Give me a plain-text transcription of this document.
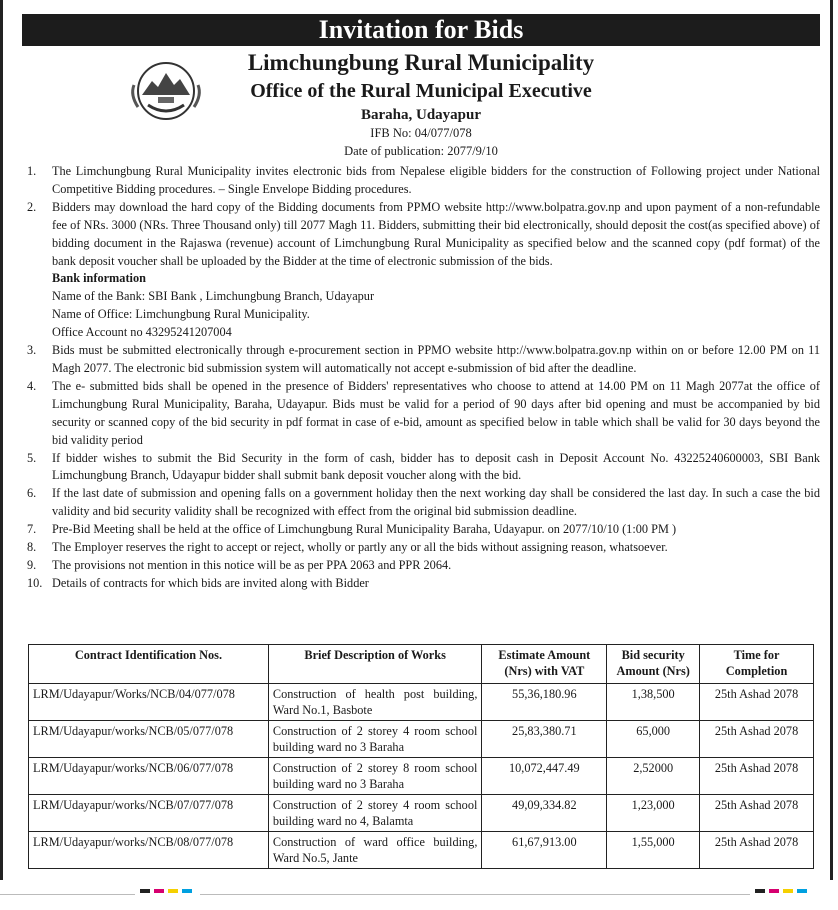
Invitation for Bids
Limchungbung Rural Municipality
Office of the Rural Municipal Executive
Baraha, Udayapur
IFB No: 04/077/078
Date of publication: 2077/9/10
1. The Limchungbung Rural Municipality invites electronic bids from Nepalese eligible bidders for the construction of Following project under National Competitive Bidding procedures. – Single Envelope Bidding procedures.
2. Bidders may download the hard copy of the Bidding documents from PPMO website http://www.bolpatra.gov.np and upon payment of a non-refundable fee of NRs. 3000 (NRs. Three Thousand only) till 2077 Magh 11. Bidders, submitting their bid electronically, should deposit the cost(as specified above) of bidding document in the Rajaswa (revenue) account of Limchungbung Rural Municipality as specified below and the scanned copy (pdf format) of the bank deposit voucher shall be uploaded by the Bidder at the time of electronic submission of the bids.
Bank information
Name of the Bank: SBI Bank , Limchungbung Branch, Udayapur
Name of Office: Limchungbung Rural Municipality.
Office Account no 43295241207004
3. Bids must be submitted electronically through e-procurement section in PPMO website http://www.bolpatra.gov.np within on or before 12.00 PM on 11 Magh 2077. The electronic bid submission system will automatically not accept e-submission of bid after the deadline.
4. The e- submitted bids shall be opened in the presence of Bidders' representatives who choose to attend at 14.00 PM on 11 Magh 2077at the office of Limchungbung Rural Municipality, Baraha, Udayapur. Bids must be valid for a period of 90 days after bid opening and must be accompanied by bid security or scanned copy of the bid security in pdf format in case of e-bid, amount as specified below in table which shall be valid for 30 days beyond the bid validity period
5. If bidder wishes to submit the Bid Security in the form of cash, bidder has to deposit cash in Deposit Account No. 43225240600003, SBI Bank Limchungbung Branch, Udayapur bidder shall submit bank deposit voucher along with the bid.
6. If the last date of submission and opening falls on a government holiday then the next working day shall be considered the last day. In such a case the bid validity and bid security validity shall be recognized with effect from the original bid submission deadline.
7. Pre-Bid Meeting shall be held at the office of Limchungbung Rural Municipality Baraha, Udayapur. on 2077/10/10 (1:00 PM )
8. The Employer reserves the right to accept or reject, wholly or partly any or all the bids without assigning reason, whatsoever.
9. The provisions not mention in this notice will be as per PPA 2063 and PPR 2064.
10. Details of contracts for which bids are invited along with Bidder
Contract Identification Nos.	Brief Description of Works	Estimate Amount (Nrs) with VAT	Bid security Amount (Nrs)	Time for Completion
LRM/Udayapur/Works/NCB/04/077/078	Construction of health post building, Ward No.1, Basbote	55,36,180.96	1,38,500	25th Ashad 2078
LRM/Udayapur/works/NCB/05/077/078	Construction of 2 storey 4 room school building ward no 3 Baraha	25,83,380.71	65,000	25th Ashad 2078
LRM/Udayapur/works/NCB/06/077/078	Construction of 2 storey 8 room school building ward no 3 Baraha	10,072,447.49	2,52000	25th Ashad 2078
LRM/Udayapur/works/NCB/07/077/078	Construction of 2 storey 4 room school building ward no 4, Balamta	49,09,334.82	1,23,000	25th Ashad 2078
LRM/Udayapur/works/NCB/08/077/078	Construction of ward office building, Ward No.5, Jante	61,67,913.00	1,55,000	25th Ashad 2078
